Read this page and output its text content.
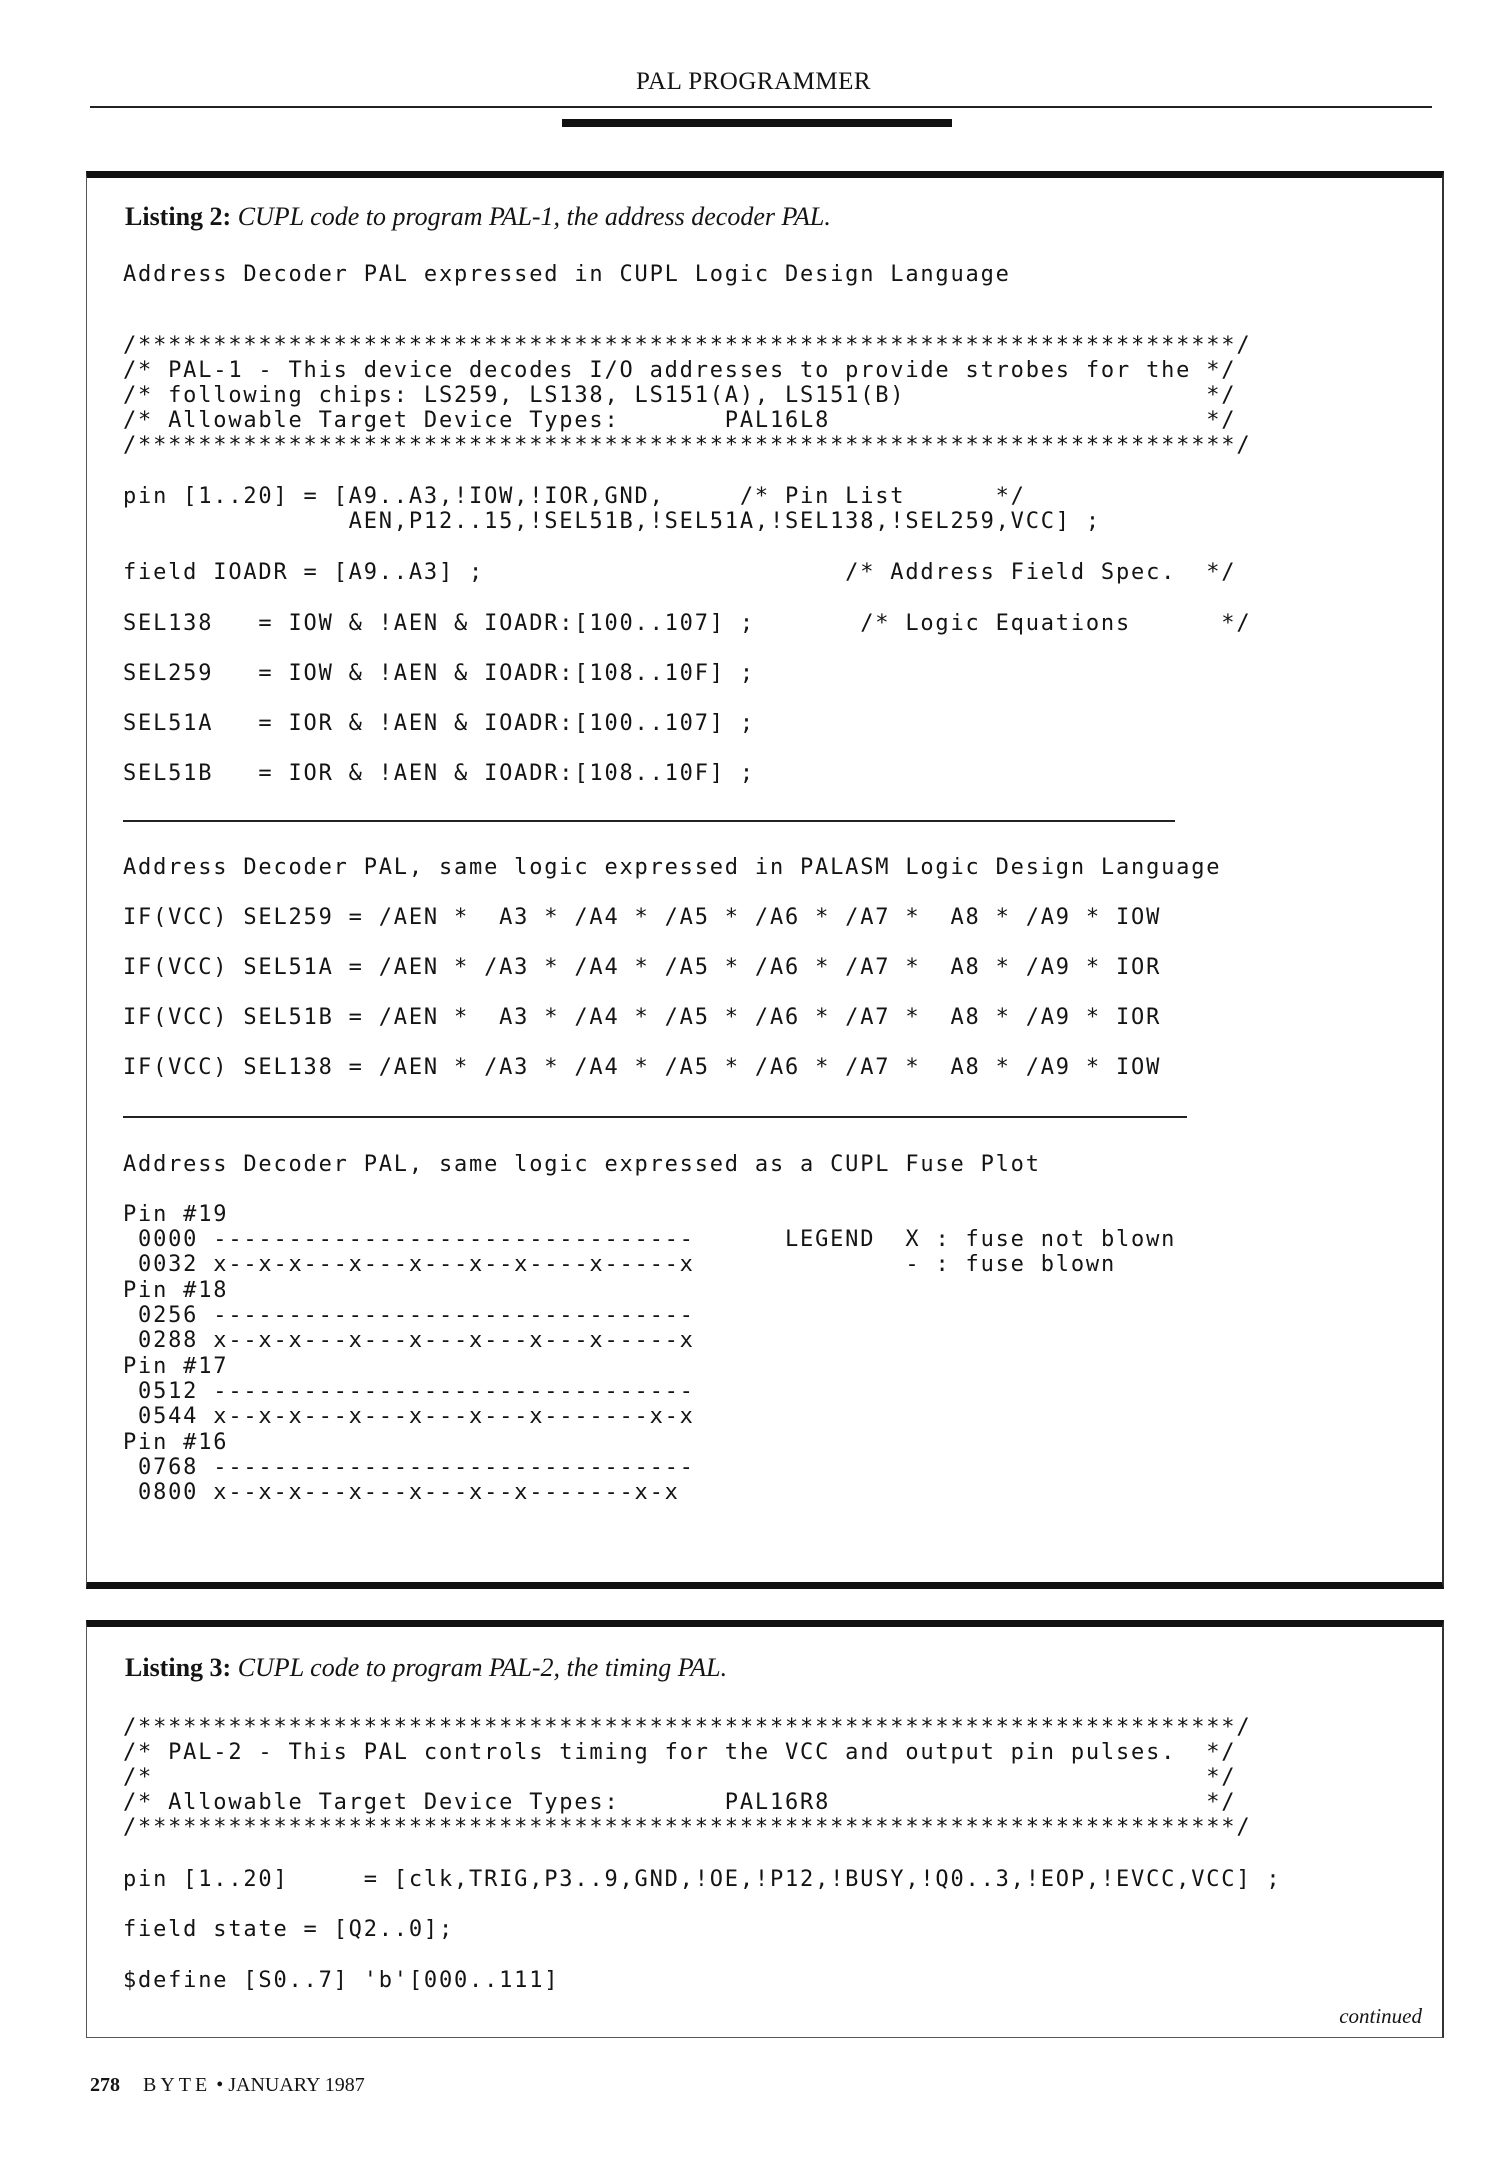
PAL PROGRAMMER
Listing 2: CUPL code to program PAL-1, the address decoder PAL.
Address Decoder PAL expressed in CUPL Logic Design Language

/*************************************************************************/

/* PAL-1 - This device decodes I/O addresses to provide strobes for the */

/* following chips: LS259, LS138, LS151(A), LS151(B)                    */

/* Allowable Target Device Types:       PAL16L8                         */

/*************************************************************************/

pin [1..20] = [A9..A3,!IOW,!IOR,GND,     /* Pin List      */

AEN,P12..15,!SEL51B,!SEL51A,!SEL138,!SEL259,VCC] ;

field IOADR = [A9..A3] ;                        /* Address Field Spec.  */

SEL138   = IOW & !AEN & IOADR:[100..107] ;       /* Logic Equations      */

SEL259   = IOW & !AEN & IOADR:[108..10F] ;

SEL51A   = IOR & !AEN & IOADR:[100..107] ;

SEL51B   = IOR & !AEN & IOADR:[108..10F] ;

Address Decoder PAL, same logic expressed in PALASM Logic Design Language

IF(VCC) SEL259 = /AEN *  A3 * /A4 * /A5 * /A6 * /A7 *  A8 * /A9 * IOW

IF(VCC) SEL51A = /AEN * /A3 * /A4 * /A5 * /A6 * /A7 *  A8 * /A9 * IOR

IF(VCC) SEL51B = /AEN *  A3 * /A4 * /A5 * /A6 * /A7 *  A8 * /A9 * IOR

IF(VCC) SEL138 = /AEN * /A3 * /A4 * /A5 * /A6 * /A7 *  A8 * /A9 * IOW

Address Decoder PAL, same logic expressed as a CUPL Fuse Plot

Pin #19

0000 --------------------------------

0032 x--x-x---x---x---x--x----x-----x

Pin #18

0256 --------------------------------

0288 x--x-x---x---x---x---x---x-----x

Pin #17

0512 --------------------------------

0544 x--x-x---x---x---x---x-------x-x

Pin #16

0768 --------------------------------

0800 x--x-x---x---x---x--x-------x-x

LEGEND  X : fuse not blown

- : fuse blown

Listing 3: CUPL code to program PAL-2, the timing PAL.

/*************************************************************************/

/* PAL-2 - This PAL controls timing for the VCC and output pin pulses.  */

/*                                                                      */

/* Allowable Target Device Types:       PAL16R8                         */

/*************************************************************************/

pin [1..20]     = [clk,TRIG,P3..9,GND,!OE,!P12,!BUSY,!Q0..3,!EOP,!EVCC,VCC] ;
field state = [Q2..0];
$define [S0..7] 'b'[000..111]
continued
278 BYTE • JANUARY 1987
